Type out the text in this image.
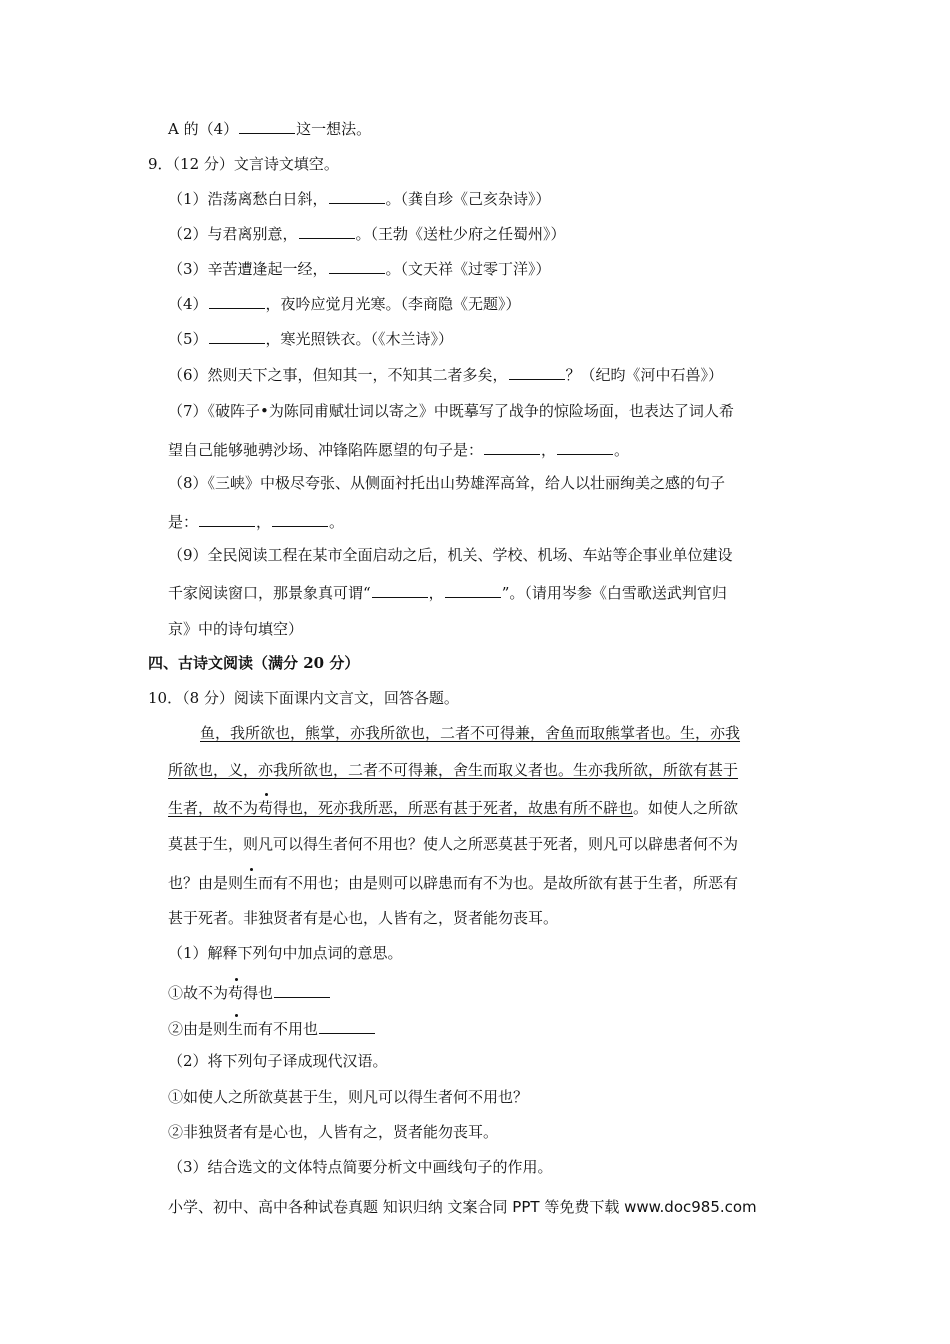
A 的（4）	这一想法。
9．（12 分）文言诗文填空。
（1）浩荡离愁白日斜，	。（龚自珍《己亥杂诗》）
（2）与君离别意，	。（王勃《送杜少府之任蜀州》）
（3）辛苦遭逢起一经，	。（文天祥《过零丁洋》）
（4）	，夜吟应觉月光寒。（李商隐《无题》）
（5）	，寒光照铁衣。（《木兰诗》）
（6）然则天下之事，但知其一，不知其二者多矣，	？（纪昀《河中石兽》）
（7）《破阵子•为陈同甫赋壮词以寄之》中既摹写了战争的惊险场面，也表达了词人希
望自己能够驰骋沙场、冲锋陷阵愿望的句子是：	，	。
（8）《三峡》中极尽夸张、从侧面衬托出山势雄浑高耸，给人以壮丽绚美之感的句子
是：	，	。
（9）全民阅读工程在某市全面启动之后，机关、学校、机场、车站等企事业单位建设
千家阅读窗口，那景象真可谓“	，	”。（请用岑参《白雪歌送武判官归
京》中的诗句填空）
四、古诗文阅读（满分 20 分）
10．（8 分）阅读下面课内文言文，回答各题。
鱼，我所欲也，熊掌，亦我所欲也，二者不可得兼，舍鱼而取熊掌者也。生，亦我
所欲也，义，亦我所欲也，二者不可得兼，舍生而取义者也。生亦我所欲，所欲有甚于
生者，故不为苟得也，死亦我所恶，所恶有甚于死者，故患有所不辟也。如使人之所欲
莫甚于生，则凡可以得生者何不用也？使人之所恶莫甚于死者，则凡可以辟患者何不为
也？由是则生而有不用也；由是则可以辟患而有不为也。是故所欲有甚于生者，所恶有
甚于死者。非独贤者有是心也，人皆有之，贤者能勿丧耳。
（1）解释下列句中加点词的意思。
①故不为苟得也
②由是则生而有不用也
（2）将下列句子译成现代汉语。
①如使人之所欲莫甚于生，则凡可以得生者何不用也？
②非独贤者有是心也，人皆有之，贤者能勿丧耳。
（3）结合选文的文体特点简要分析文中画线句子的作用。
小学、初中、高中各种试卷真题 知识归纳 文案合同 PPT 等免费下载 www.doc985.com
